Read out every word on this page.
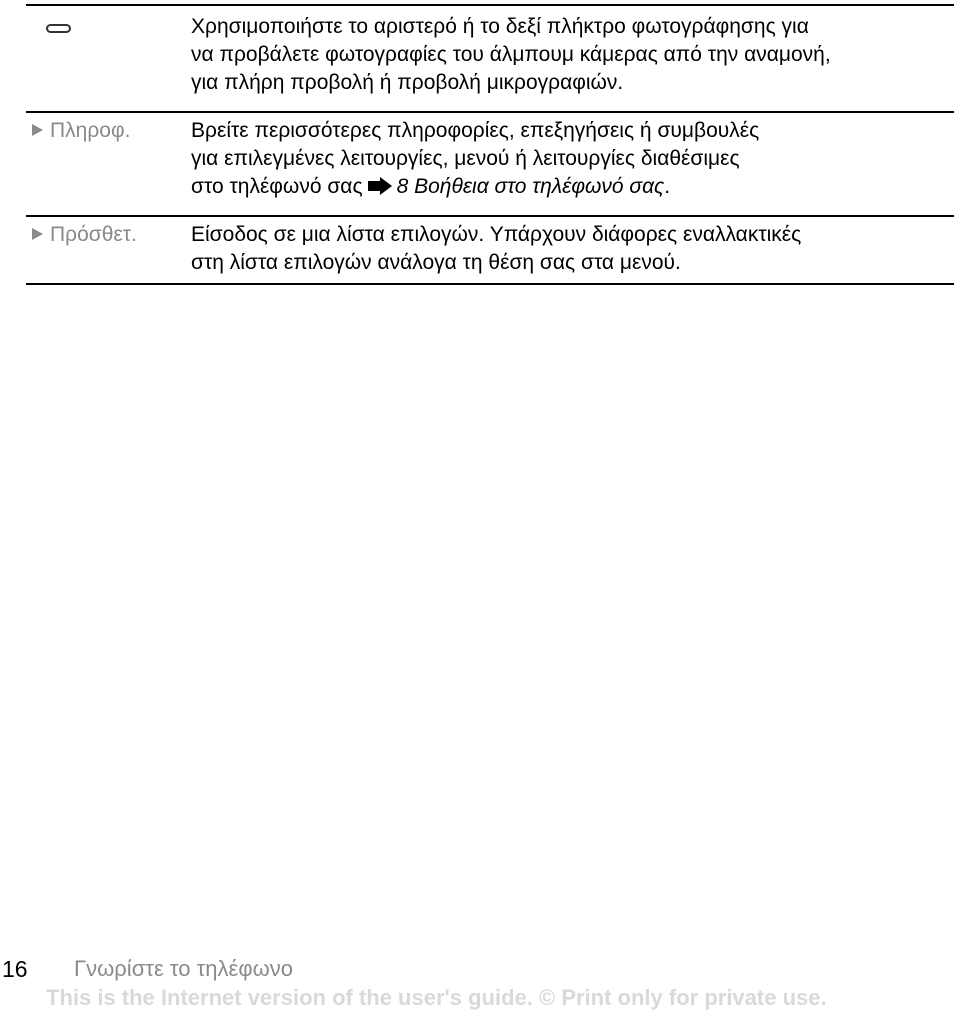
Χρησιμοποιήστε το αριστερό ή το δεξί πλήκτρο φωτογράφησης για
να προβάλετε φωτογραφίες του άλμπουμ κάμερας από την αναμονή,
για πλήρη προβολή ή προβολή μικρογραφιών.
Πληροφ.	Βρείτε περισσότερες πληροφορίες, επεξηγήσεις ή συμβουλές
για επιλεγμένες λειτουργίες, μενού ή λειτουργίες διαθέσιμες
στο τηλέφωνό σας 8 Βοήθεια στο τηλέφωνό σας.
Πρόσθετ.	Είσοδος σε μια λίστα επιλογών. Υπάρχουν διάφορες εναλλακτικές
στη λίστα επιλογών ανάλογα τη θέση σας στα μενού.
16 Γνωρίστε το τηλέφωνο
This is the Internet version of the user's guide. © Print only for private use.
